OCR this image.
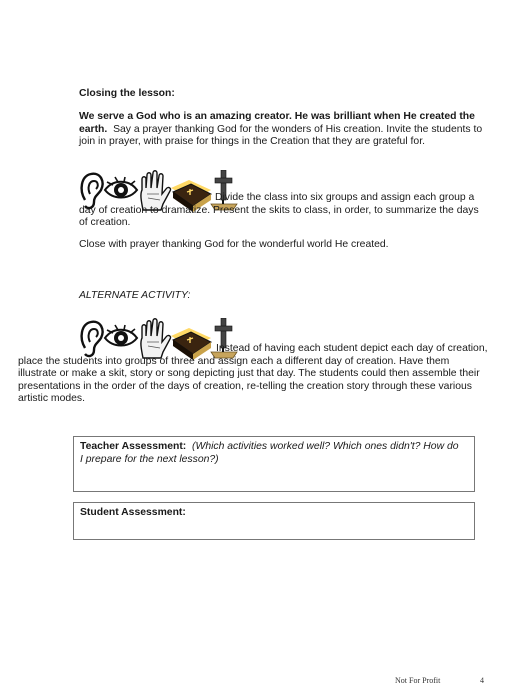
Closing the lesson:
We serve a God who is an amazing creator. He was brilliant when He created the earth. Say a prayer thanking God for the wonders of His creation. Invite the students to join in prayer, with praise for things in the Creation that they are grateful for.
Divide the class into six groups and assign each group a day of creation to dramatize. Present the skits to class, in order, to summarize the days of creation.
Close with prayer thanking God for the wonderful world He created.
ALTERNATE ACTIVITY:
Instead of having each student depict each day of creation, place the students into groups of three and assign each a different day of creation. Have them illustrate or make a skit, story or song depicting just that day. The students could then assemble their presentations in the order of the days of creation, re-telling the creation story through these various artistic modes.
Teacher Assessment: (Which activities worked well? Which ones didn't? How do I prepare for the next lesson?)
Student Assessment:
Not For Profit	4
